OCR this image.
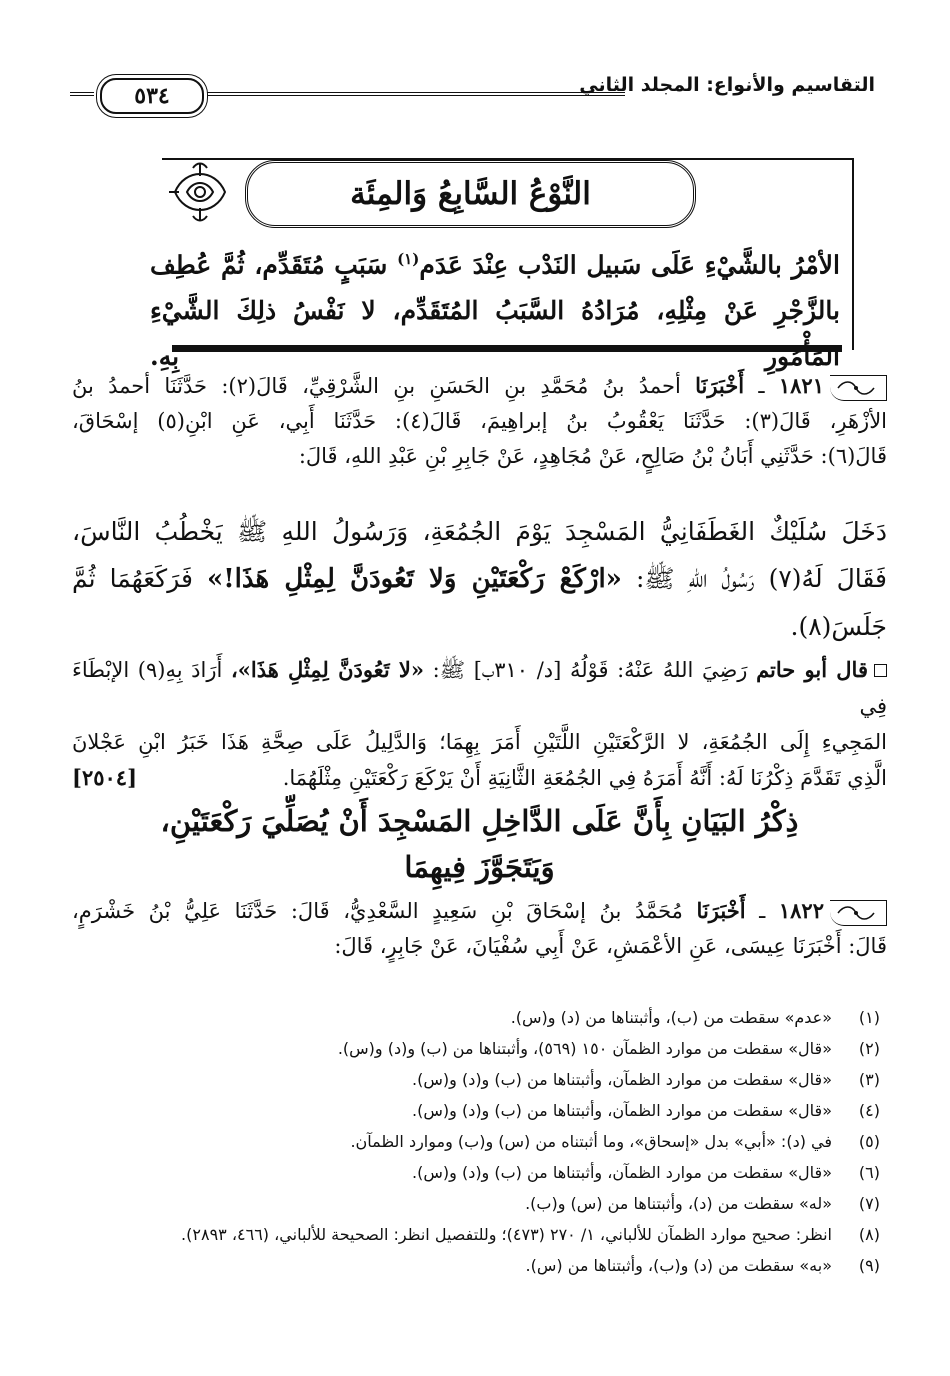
التقاسيم والأنواع: المجلد الثاني
٥٣٤
النَّوْعُ السَّابِعُ وَالمِئَة

الأمْرُ بالشَّيْءِ عَلَى سَبيل النَدْب عِنْدَ عَدَم$^{(١)}$ سَبَبٍ مُتَقَدِّم، ثُمَّ عُطِف

بالزَّجْرِ عَنْ مِثْلِهِ، مُرَادُهُ السَّبَبُ المُتَقَدِّم، لا نَفْسُ ذلِكَ الشَّيْءِ المَأْمُورِ بِهِ.

١٨٢١ ـ أَخْبَرَنَا أحمدُ بنُ مُحَمَّدِ بنِ الحَسَنِ بنِ الشَّرْقِيِّ، قَالَ(٢): حَدَّثَنَا أحمدُ بنُ

الأزْهَرِ، قَالَ(٣): حَدَّثَنَا يَعْقُوبُ بنُ إبراهِيمَ، قَالَ(٤): حَدَّثَنَا أَبِي، عَنِ ابْنِ(٥) إسْحَاقَ،

قَالَ(٦): حَدَّثَنِي أَبَانُ بْنُ صَالِحٍ، عَنْ مُجَاهِدٍ، عَنْ جَابِرِ بْنِ عَبْدِ اللهِ، قَالَ:

دَخَلَ سُلَيْكٌ الغَطَفَانِيُّ المَسْجِدَ يَوْمَ الجُمُعَةِ، وَرَسُولُ اللهِ ﷺ يَخْطُبُ النَّاسَ،

فَقَالَ لَهُ(٧) رَسُولُ اللهِ ﷺ: «ارْكَعْ رَكْعَتَيْنِ وَلا تَعُودَنَّ لِمِثْلِ هَذَا!» فَرَكَعَهُمَا ثُمَّ

جَلَسَ(٨).

قال أبو حاتم رَضِيَ اللهُ عَنْهُ: قَوْلُهُ [د/ ٣١٠ب] ﷺ: «لا تَعُودَنَّ لِمِثْلِ هَذَا»، أَرَادَ بِهِ(٩) الإبْطَاءَ فِي

المَجِيءِ إِلَى الجُمُعَةِ، لا الرَّكْعَتَيْنِ اللَّتَيْنِ أَمَرَ بِهِمَا؛ وَالدَّلِيلُ عَلَى صِحَّةِ هَذَا خَبَرُ ابْنِ عَجْلانَ

الَّذِي تَقَدَّمَ ذِكْرُنَا لَهُ: أَنَّهُ أَمَرَهُ فِي الجُمُعَةِ الثَّانِيَةِ أَنْ يَرْكَعَ رَكْعَتَيْنِ مِثْلَهُمَا.
[٢٥٠٤]

ذِكْرُ البَيَانِ بِأَنَّ عَلَى الدَّاخِلِ المَسْجِدَ أَنْ يُصَلِّيَ رَكْعَتَيْنِ،
وَيَتَجَوَّزَ فِيهِمَا

١٨٢٢ ـ أَخْبَرَنَا مُحَمَّدُ بنُ إسْحَاقَ بْنِ سَعِيدٍ السَّعْدِيُّ، قَالَ: حَدَّثَنَا عَلِيُّ بْنُ خَشْرَمٍ،

قَالَ: أَخْبَرَنَا عِيسَى، عَنِ الأعْمَشِ، عَنْ أَبِي سُفْيَانَ، عَنْ جَابِرٍ، قَالَ:

(١)
«عدم» سقطت من (ب)، وأثبتناها من (د) و(س).
(٢)
«قال» سقطت من موارد الظمآن ١٥٠ (٥٦٩)، وأثبتناها من (ب) و(د) و(س).
(٣)
«قال» سقطت من موارد الظمآن، وأثبتناها من (ب) و(د) و(س).
(٤)
«قال» سقطت من موارد الظمآن، وأثبتناها من (ب) و(د) و(س).
(٥)
في (د): «أبي» بدل «إسحاق»، وما أثبتناه من (س) و(ب) وموارد الظمآن.
(٦)
«قال» سقطت من موارد الظمآن، وأثبتناها من (ب) و(د) و(س).
(٧)
«له» سقطت من (د)، وأثبتناها من (س) و(ب).
(٨)
انظر: صحيح موارد الظمآن للألباني، ١/ ٢٧٠ (٤٧٣)؛ وللتفصيل انظر: الصحيحة للألباني، (٤٦٦، ٢٨٩٣).
(٩)
«به» سقطت من (د) و(ب)، وأثبتناها من (س).
